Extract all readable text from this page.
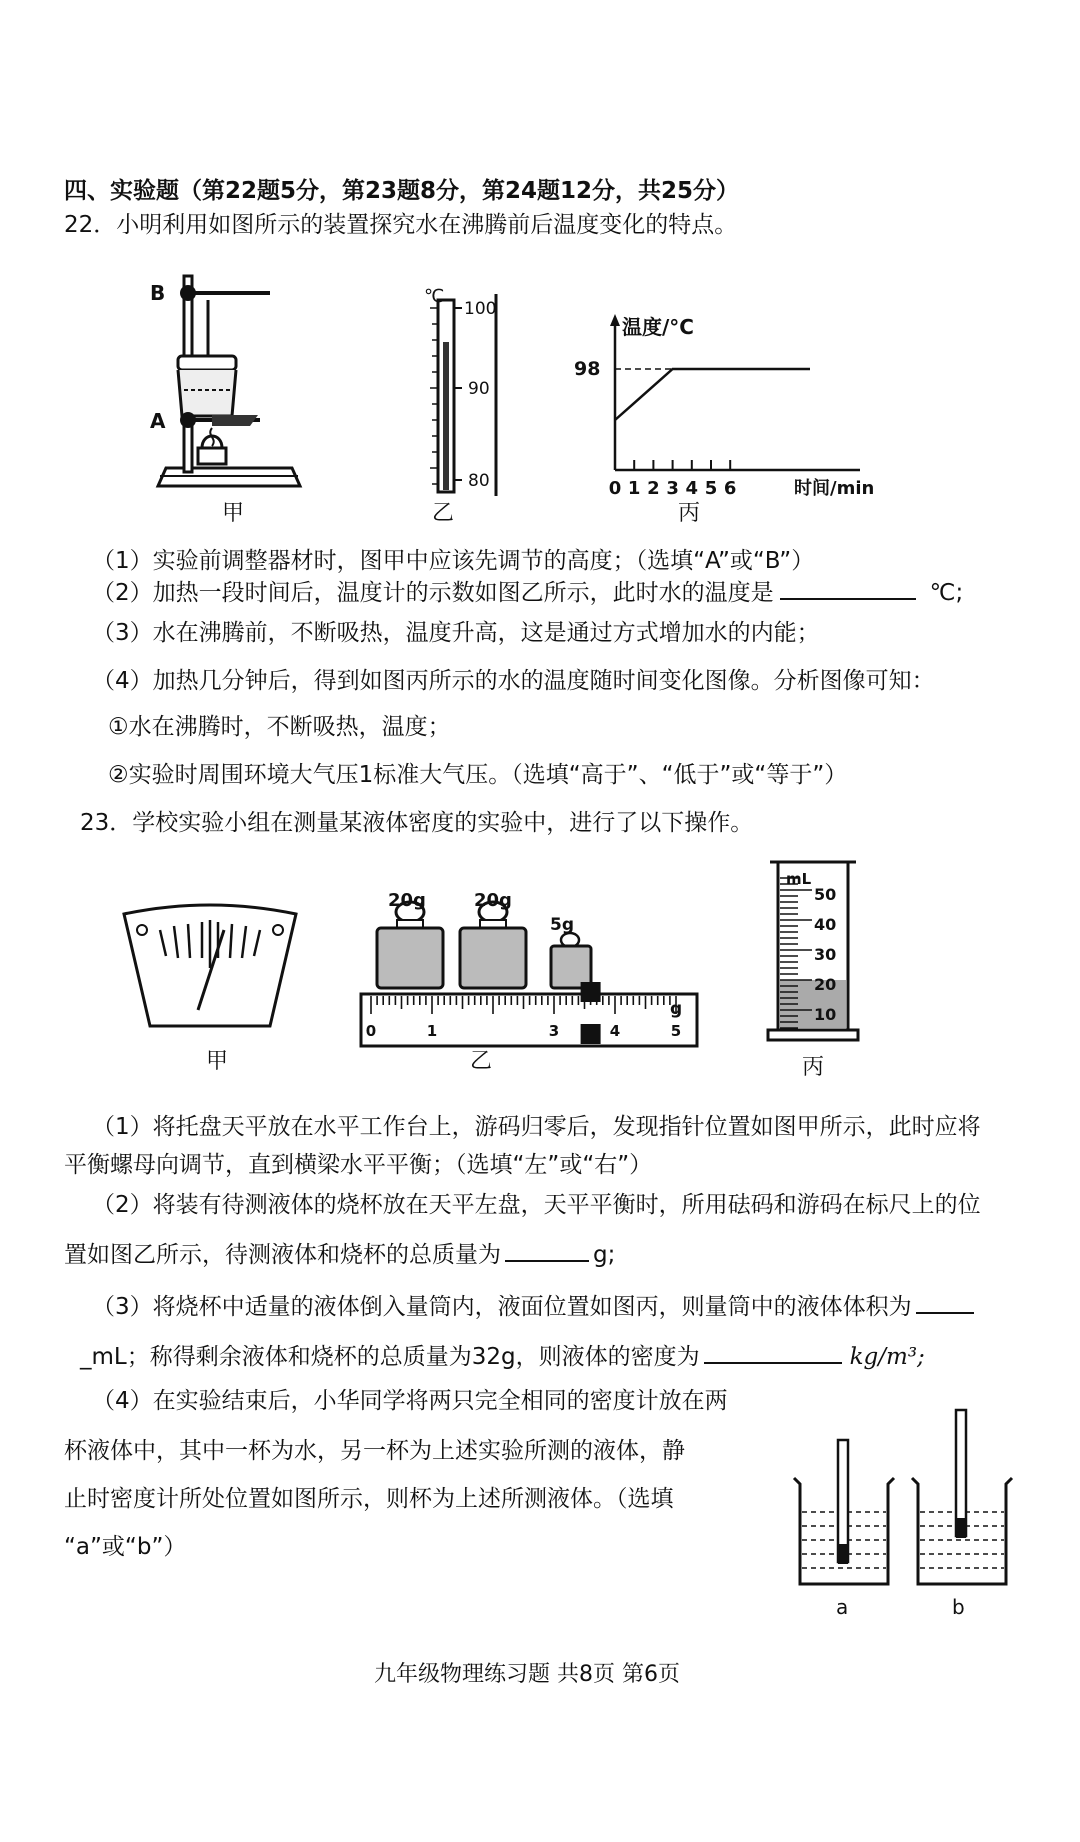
四、实验题（第22题5分，第23题8分，第24题12分，共25分）
22．小明利用如图所示的装置探究水在沸腾前后温度变化的特点。
B
A
甲
℃
100
90
80
乙
0 1 2 3 4 5 6
温度/°C
98
时间/min
丙
（1）实验前调整器材时，图甲中应该先调节的高度；（选填“A”或“B”）
（2）加热一段时间后，温度计的示数如图乙所示，此时水的温度是	℃;
（3）水在沸腾前，不断吸热，温度升高，这是通过方式增加水的内能；
（4）加热几分钟后，得到如图丙所示的水的温度随时间变化图像。分析图像可知：
①水在沸腾时，不断吸热，温度；
②实验时周围环境大气压1标准大气压。（选填“高于”、“低于”或“等于”）
23．学校实验小组在测量某液体密度的实验中，进行了以下操作。
甲
0	1	3	4	5
20g	20g
5g
g
乙
mL
50
40
30
20
10
丙
（1）将托盘天平放在水平工作台上，游码归零后，发现指针位置如图甲所示，此时应将
平衡螺母向调节，直到横梁水平平衡；（选填“左”或“右”）
（2）将装有待测液体的烧杯放在天平左盘，天平平衡时，所用砝码和游码在标尺上的位
置如图乙所示，待测液体和烧杯的总质量为	g;
（3）将烧杯中适量的液体倒入量筒内，液面位置如图丙，则量筒中的液体体积为
_mL；称得剩余液体和烧杯的总质量为32g，则液体的密度为	kg/m³;
（4）在实验结束后，小华同学将两只完全相同的密度计放在两
杯液体中，其中一杯为水，另一杯为上述实验所测的液体，静
止时密度计所处位置如图所示，则杯为上述所测液体。（选填
“a”或“b”）
a	b
九年级物理练习题 共8页 第6页
